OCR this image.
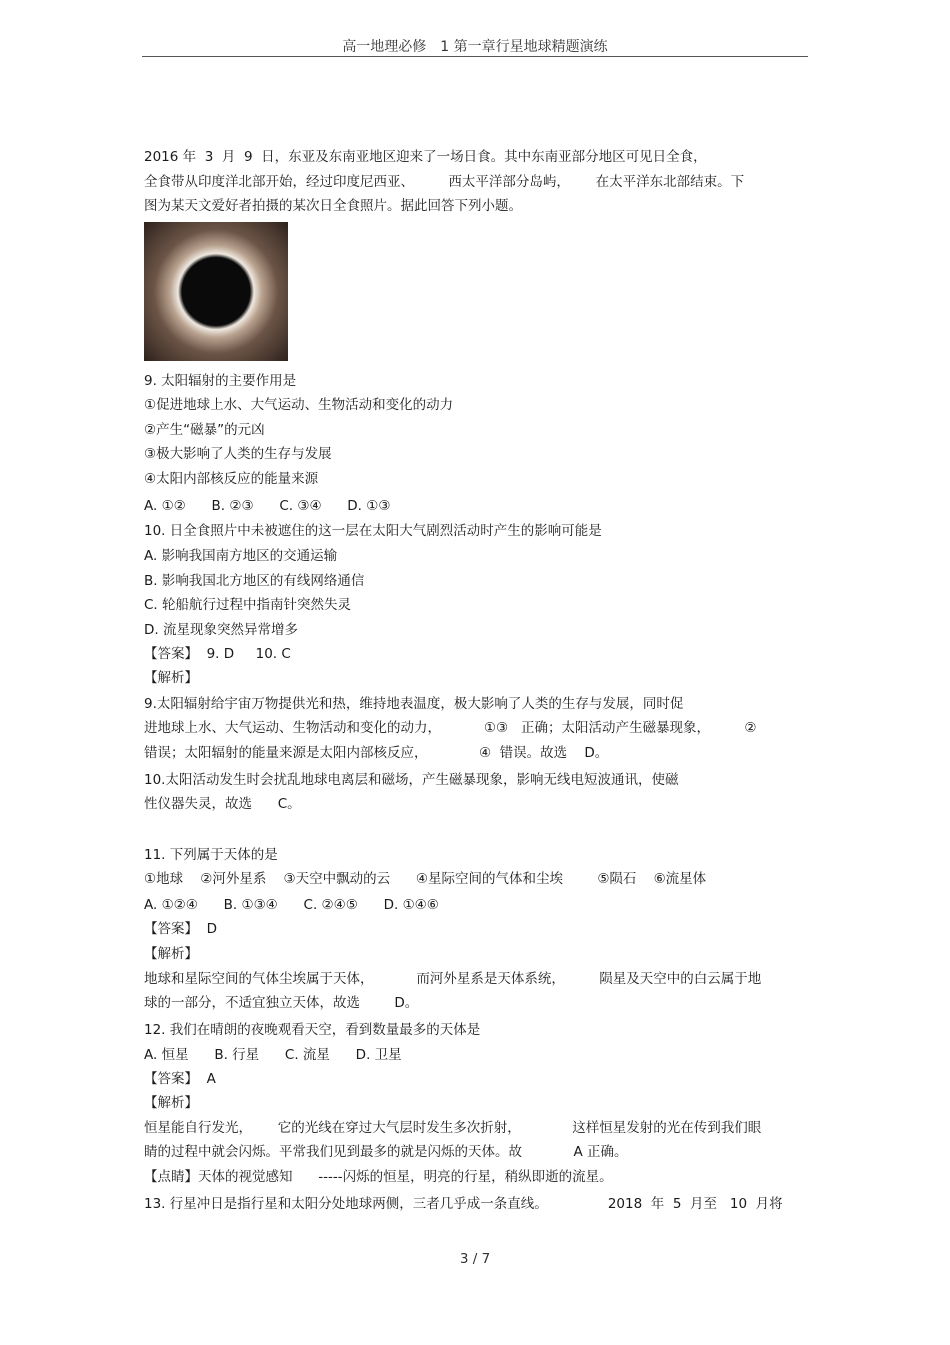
高一地理必修　1 第一章行星地球精题演练
2016 年  3  月  9  日，东亚及东南亚地区迎来了一场日食。其中东南亚部分地区可见日全食，
全食带从印度洋北部开始，经过印度尼西亚、        西太平洋部分岛屿，      在太平洋东北部结束。下
图为某天文爱好者拍摄的某次日全食照片。据此回答下列小题。
9. 太阳辐射的主要作用是
①促进地球上水、大气运动、生物活动和变化的动力
②产生“磁暴”的元凶
③极大影响了人类的生存与发展
④太阳内部核反应的能量来源
A. ①②      B. ②③      C. ③④      D. ①③
10. 日全食照片中未被遮住的这一层在太阳大气剧烈活动时产生的影响可能是
A. 影响我国南方地区的交通运输
B. 影响我国北方地区的有线网络通信
C. 轮船航行过程中指南针突然失灵
D. 流星现象突然异常增多
【答案】  9. D     10. C
【解析】
9.太阳辐射给宇宙万物提供光和热，维持地表温度，极大影响了人类的生存与发展，同时促
进地球上水、大气运动、生物活动和变化的动力，          ①③   正确；太阳活动产生磁暴现象，        ②
错误；太阳辐射的能量来源是太阳内部核反应，            ④  错误。故选    D。
10.太阳活动发生时会扰乱地球电离层和磁场，产生磁暴现象，影响无线电短波通讯，使磁
性仪器失灵，故选      C。
11. 下列属于天体的是
①地球    ②河外星系    ③天空中飘动的云      ④星际空间的气体和尘埃        ⑤陨石    ⑥流星体
A. ①②④      B. ①③④      C. ②④⑤      D. ①④⑥
【答案】  D
【解析】
地球和星际空间的气体尘埃属于天体，          而河外星系是天体系统，        陨星及天空中的白云属于地
球的一部分，不适宜独立天体，故选        D。
12. 我们在晴朗的夜晚观看天空，看到数量最多的天体是
A. 恒星      B. 行星      C. 流星      D. 卫星
【答案】  A
【解析】
恒星能自行发光，      它的光线在穿过大气层时发生多次折射，            这样恒星发射的光在传到我们眼
睛的过程中就会闪烁。平常我们见到最多的就是闪烁的天体。故            A 正确。
【点睛】天体的视觉感知      -----闪烁的恒星，明亮的行星，稍纵即逝的流星。
13. 行星冲日是指行星和太阳分处地球两侧，三者几乎成一条直线。              2018  年  5  月至   10  月将
3 / 7
